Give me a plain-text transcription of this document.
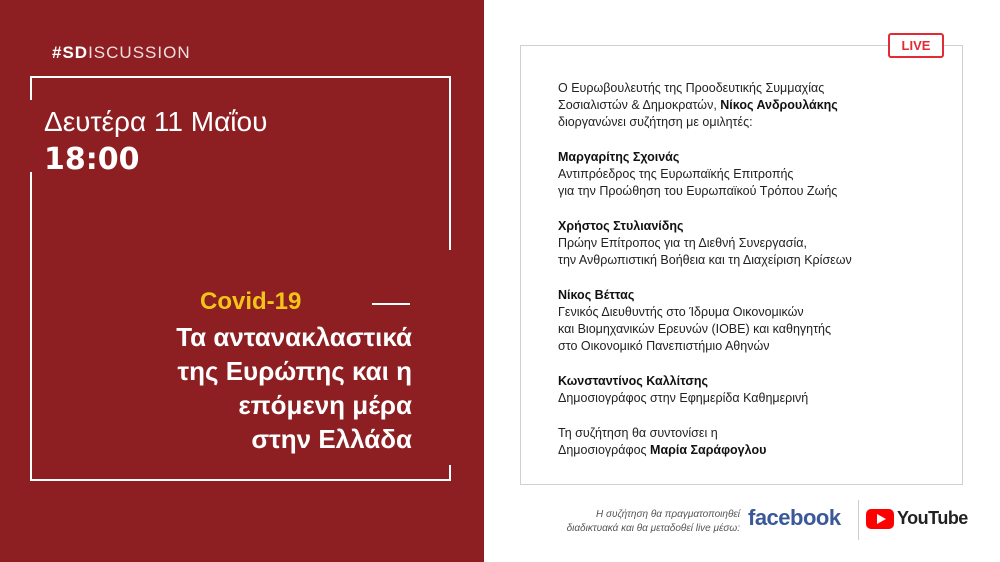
#SDISCUSSION
Δευτέρα 11 Μαΐου
18:00
Covid-19
Τα αντανακλαστικά
της Ευρώπης και η
επόμενη μέρα
στην Ελλάδα
LIVE
Ο Ευρωβουλευτής της Προοδευτικής Συμμαχίας
Σοσιαλιστών & Δημοκρατών, Νίκος Ανδρουλάκης
διοργανώνει συζήτηση με ομιλητές:
Μαργαρίτης Σχοινάς
Αντιπρόεδρος της Ευρωπαϊκής Επιτροπής
για την Προώθηση του Ευρωπαϊκού Τρόπου Ζωής
Χρήστος Στυλιανίδης
Πρώην Επίτροπος για τη Διεθνή Συνεργασία,
την Ανθρωπιστική Βοήθεια και τη Διαχείριση Κρίσεων
Νίκος Βέττας
Γενικός Διευθυντής στο Ίδρυμα Οικονομικών
και Βιομηχανικών Ερευνών (ΙΟΒΕ) και καθηγητής
στο Οικονομικό Πανεπιστήμιο Αθηνών
Κωνσταντίνος Καλλίτσης
Δημοσιογράφος στην Εφημερίδα Καθημερινή
Τη συζήτηση θα συντονίσει η
Δημοσιογράφος Μαρία Σαράφογλου
Η συζήτηση θα πραγματοποιηθεί
διαδικτυακά και θα μεταδοθεί live μέσω: facebook	YouTube
